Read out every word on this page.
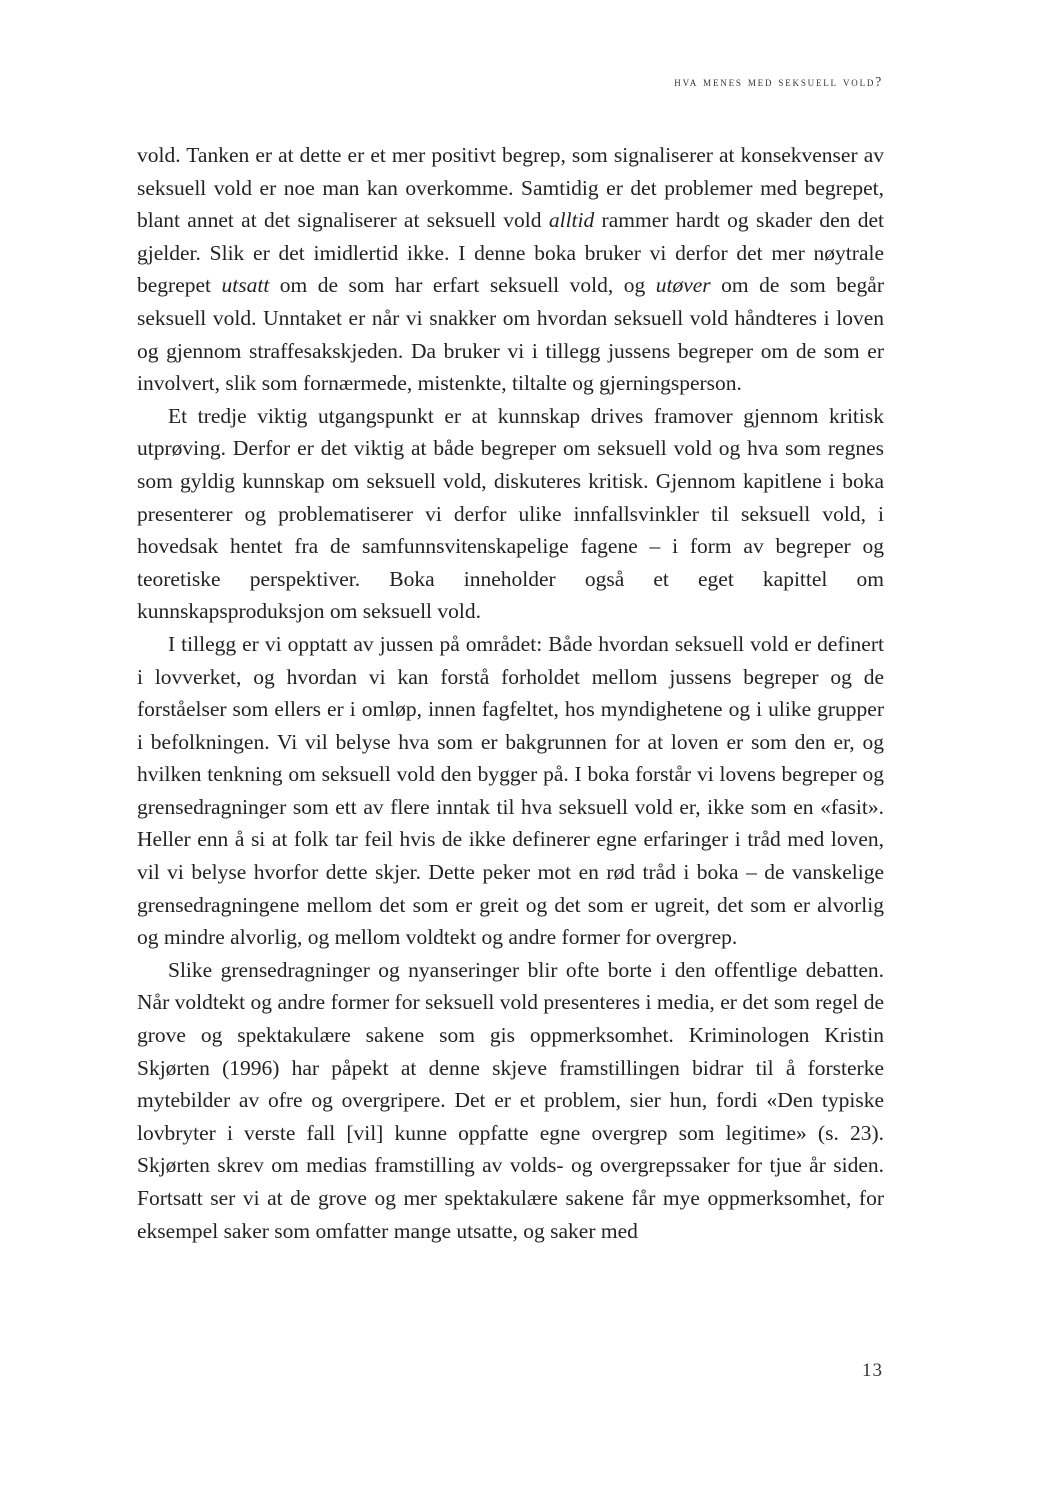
hva menes med seksuell vold?

vold. Tanken er at dette er et mer positivt begrep, som signaliserer at konsekvenser av seksuell vold er noe man kan overkomme. Samtidig er det problemer med begrepet, blant annet at det signaliserer at seksuell vold alltid rammer hardt og skader den det gjelder. Slik er det imidlertid ikke. I denne boka bruker vi derfor det mer nøytrale begrepet utsatt om de som har erfart seksuell vold, og utøver om de som begår seksuell vold. Unntaket er når vi snakker om hvordan seksuell vold håndteres i loven og gjennom straffesakskjeden. Da bruker vi i tillegg jussens begreper om de som er involvert, slik som fornærmede, mistenkte, tiltalte og gjerningsperson.

Et tredje viktig utgangspunkt er at kunnskap drives framover gjennom kritisk utprøving. Derfor er det viktig at både begreper om seksuell vold og hva som regnes som gyldig kunnskap om seksuell vold, diskuteres kritisk. Gjennom kapitlene i boka presenterer og problematiserer vi derfor ulike innfallsvinkler til seksuell vold, i hovedsak hentet fra de samfunnsvitenskapelige fagene – i form av begreper og teoretiske perspektiver. Boka inneholder også et eget kapittel om kunnskapsproduksjon om seksuell vold.

I tillegg er vi opptatt av jussen på området: Både hvordan seksuell vold er definert i lovverket, og hvordan vi kan forstå forholdet mellom jussens begreper og de forståelser som ellers er i omløp, innen fagfeltet, hos myndighetene og i ulike grupper i befolkningen. Vi vil belyse hva som er bakgrunnen for at loven er som den er, og hvilken tenkning om seksuell vold den bygger på. I boka forstår vi lovens begreper og grensedragninger som ett av flere inntak til hva seksuell vold er, ikke som en «fasit». Heller enn å si at folk tar feil hvis de ikke definerer egne erfaringer i tråd med loven, vil vi belyse hvorfor dette skjer. Dette peker mot en rød tråd i boka – de vanskelige grensedragningene mellom det som er greit og det som er ugreit, det som er alvorlig og mindre alvorlig, og mellom voldtekt og andre former for overgrep.

Slike grensedragninger og nyanseringer blir ofte borte i den offentlige debatten. Når voldtekt og andre former for seksuell vold presenteres i media, er det som regel de grove og spektakulære sakene som gis oppmerksomhet. Kriminologen Kristin Skjørten (1996) har påpekt at denne skjeve framstillingen bidrar til å forsterke mytebilder av ofre og overgripere. Det er et problem, sier hun, fordi «Den typiske lovbryter i verste fall [vil] kunne oppfatte egne overgrep som legitime» (s. 23). Skjørten skrev om medias framstilling av volds- og overgrepssaker for tjue år siden. Fortsatt ser vi at de grove og mer spektakulære sakene får mye oppmerksomhet, for eksempel saker som omfatter mange utsatte, og saker med

13
